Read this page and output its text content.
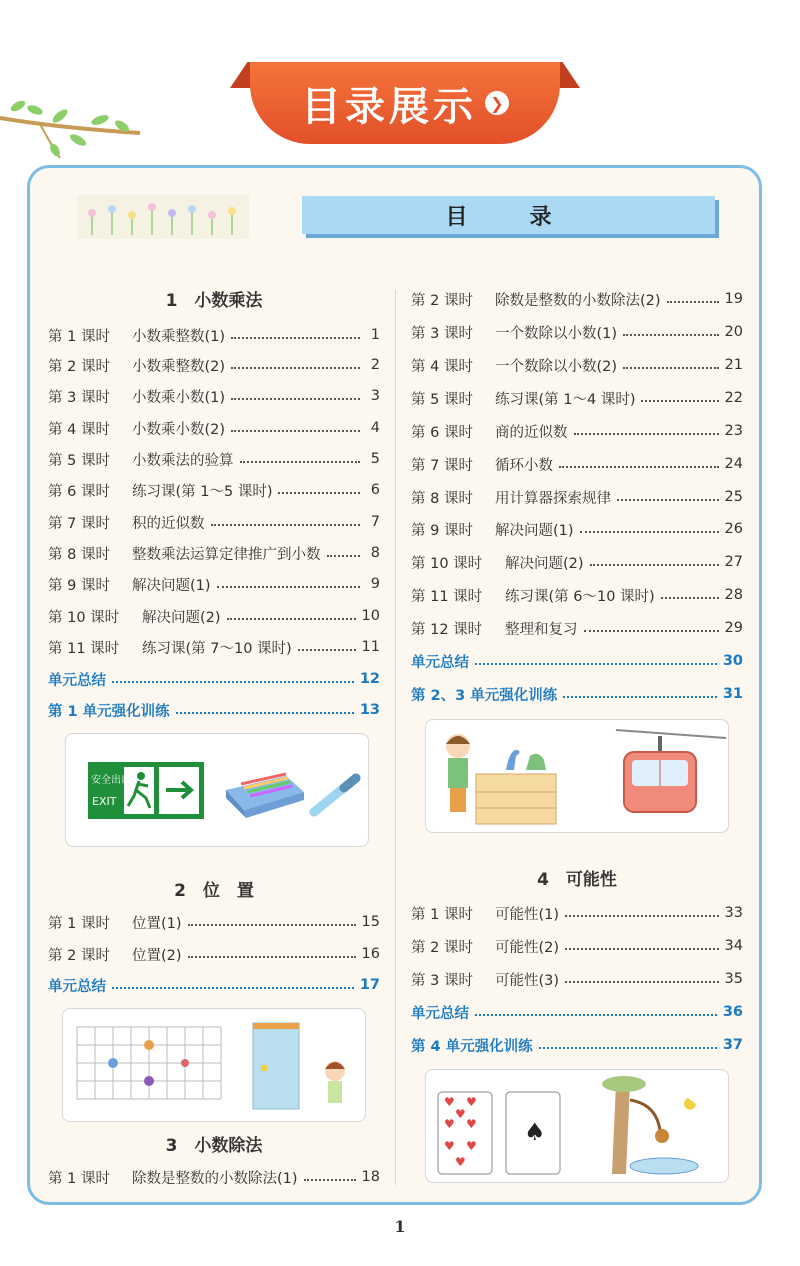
目录展示 ❯
目　录
1　小数乘法
第 1 课时	小数乘整数(1)	1
第 2 课时	小数乘整数(2)	2
第 3 课时	小数乘小数(1)	3
第 4 课时	小数乘小数(2)	4
第 5 课时	小数乘法的验算	5
第 6 课时	练习课(第 1～5 课时)	6
第 7 课时	积的近似数	7
第 8 课时	整数乘法运算定律推广到小数	8
第 9 课时	解决问题(1)	9
第 10 课时	解决问题(2)	10
第 11 课时	练习课(第 7～10 课时)	11
单元总结	12
第 1 单元强化训练	13
2　位　置
第 1 课时	位置(1)	15
第 2 课时	位置(2)	16
单元总结	17
3　小数除法
第 1 课时	除数是整数的小数除法(1)	18
第 2 课时	除数是整数的小数除法(2)	19
第 3 课时	一个数除以小数(1)	20
第 4 课时	一个数除以小数(2)	21
第 5 课时	练习课(第 1～4 课时)	22
第 6 课时	商的近似数	23
第 7 课时	循环小数	24
第 8 课时	用计算器探索规律	25
第 9 课时	解决问题(1)	26
第 10 课时	解决问题(2)	27
第 11 课时	练习课(第 6～10 课时)	28
第 12 课时	整理和复习	29
单元总结	30
第 2、3 单元强化训练	31
4　可能性
第 1 课时	可能性(1)	33
第 2 课时	可能性(2)	34
第 3 课时	可能性(3)	35
单元总结	36
第 4 单元强化训练	37
安全出口
EXIT
♥ ♥
♥ ♥
♥
♥ ♥
♥
♠
1
